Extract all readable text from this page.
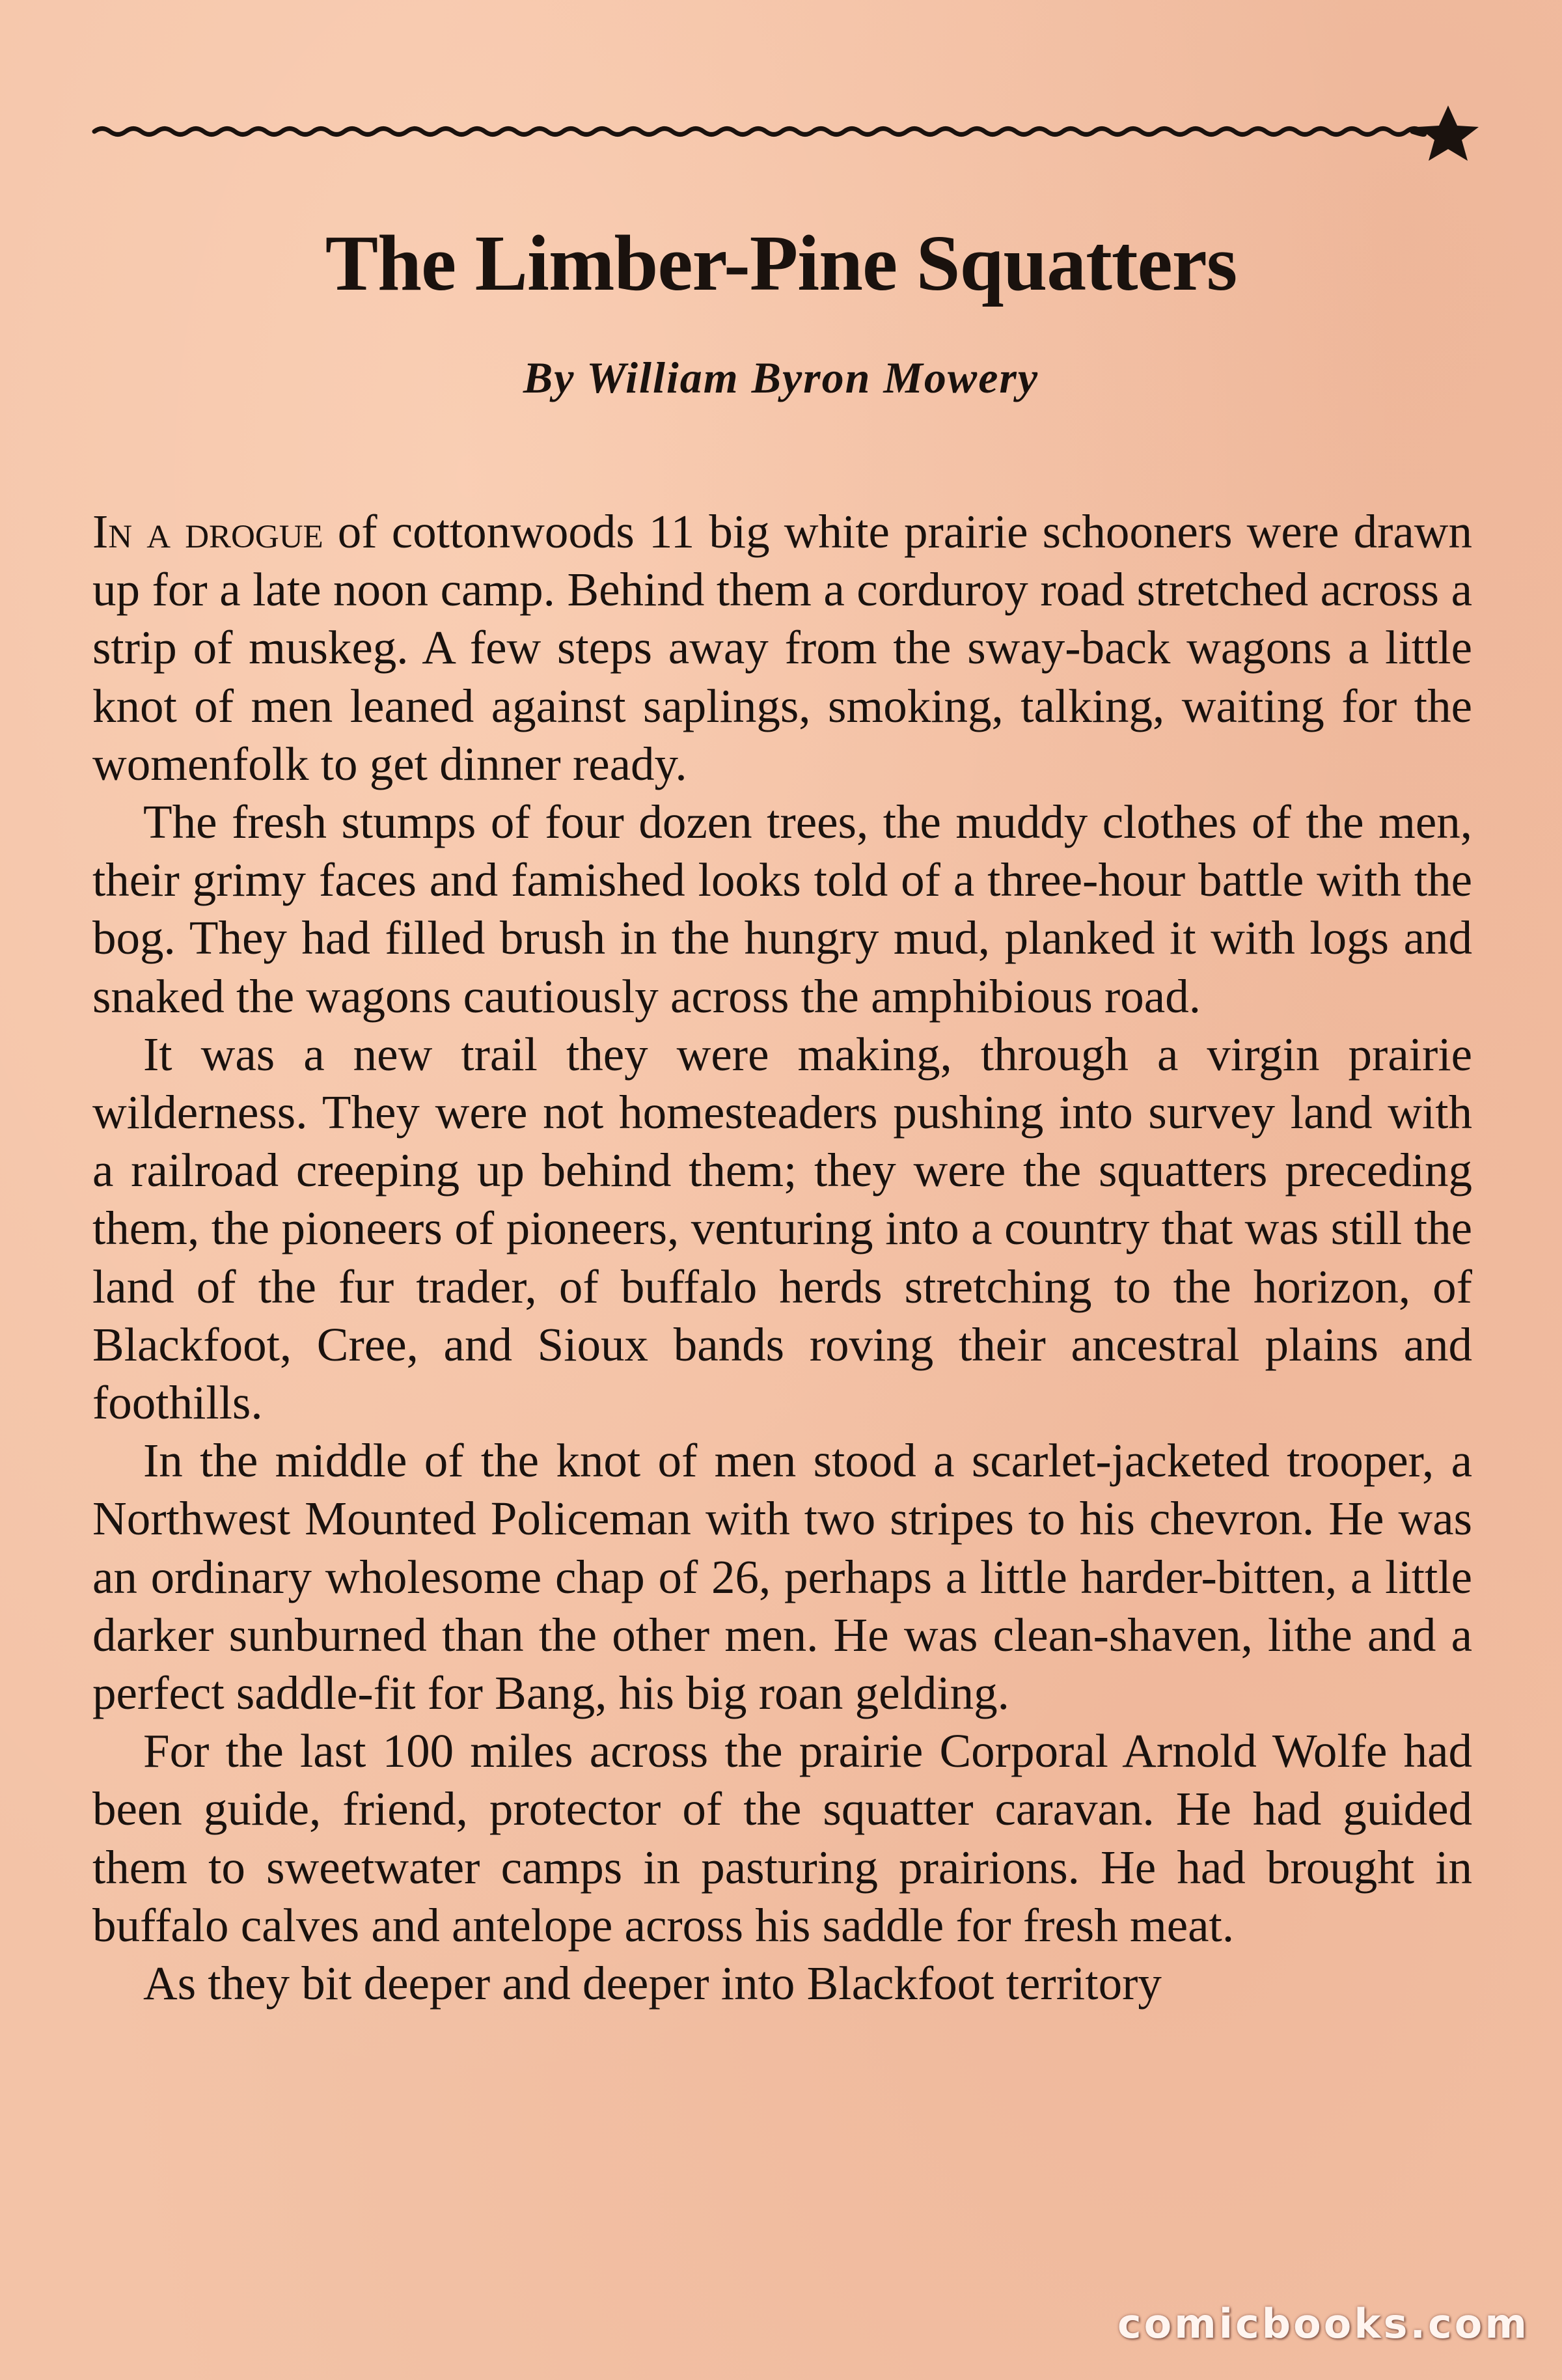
The Limber-Pine Squatters
By William Byron Mowery

In a drogue of cottonwoods 11 big white prairie schooners were drawn up for a late noon camp. Behind them a corduroy road stretched across a strip of muskeg. A few steps away from the sway-back wagons a little knot of men leaned against saplings, smoking, talking, waiting for the womenfolk to get dinner ready.

The fresh stumps of four dozen trees, the muddy clothes of the men, their grimy faces and famished looks told of a three-hour battle with the bog. They had filled brush in the hungry mud, planked it with logs and snaked the wagons cautiously across the amphibious road.

It was a new trail they were making, through a virgin prairie wilderness. They were not homesteaders pushing into survey land with a railroad creeping up behind them; they were the squatters preceding them, the pioneers of pioneers, venturing into a country that was still the land of the fur trader, of buffalo herds stretching to the horizon, of Blackfoot, Cree, and Sioux bands roving their ancestral plains and foothills.

In the middle of the knot of men stood a scarlet-jacketed trooper, a Northwest Mounted Policeman with two stripes to his chevron. He was an ordinary wholesome chap of 26, perhaps a little harder-bitten, a little darker sunburned than the other men. He was clean-shaven, lithe and a perfect saddle-fit for Bang, his big roan gelding.

For the last 100 miles across the prairie Corporal Arnold Wolfe had been guide, friend, protector of the squatter caravan. He had guided them to sweetwater camps in pasturing prairions. He had brought in buffalo calves and antelope across his saddle for fresh meat.

As they bit deeper and deeper into Blackfoot territory

comicbooks.com
